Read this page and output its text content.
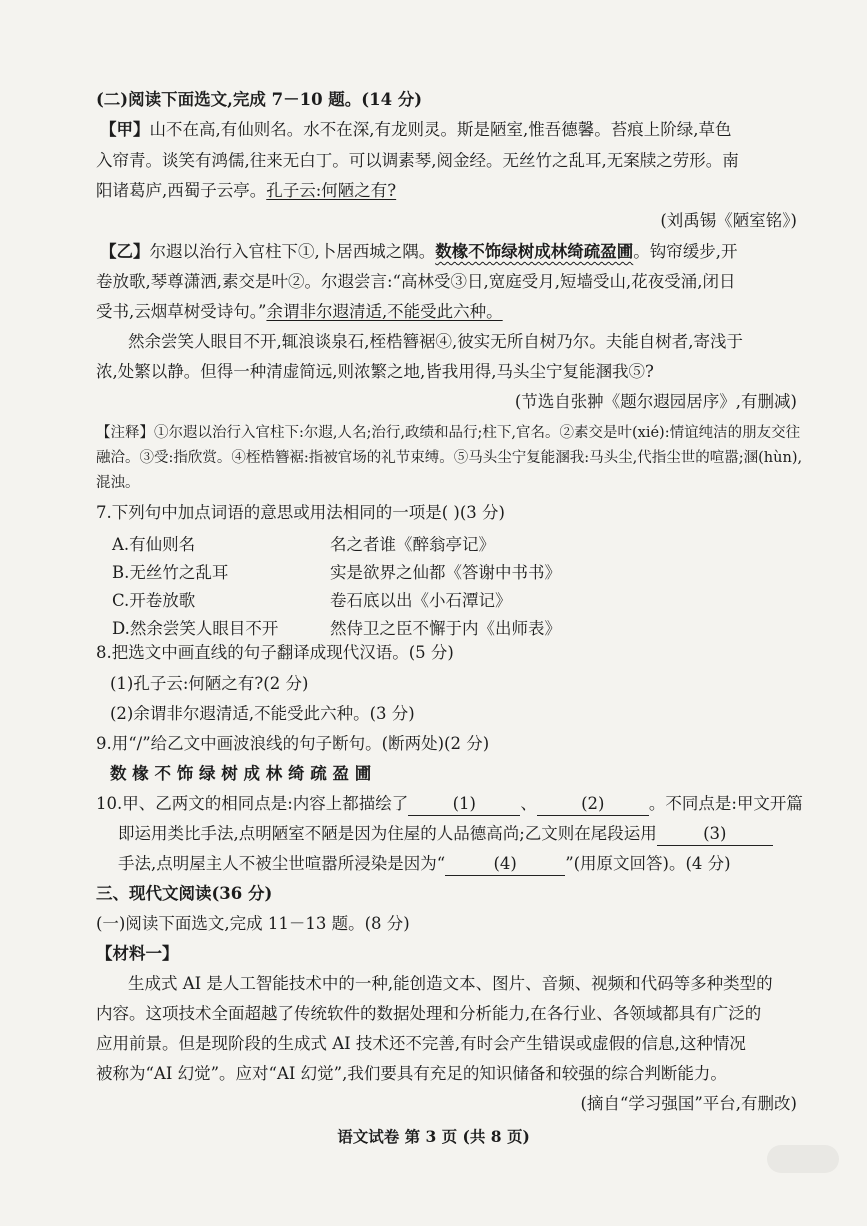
(二)阅读下面选文,完成 7－10 题。(14 分)
【甲】山不在高,有仙则名。水不在深,有龙则灵。斯是陋室,惟吾德馨。苔痕上阶绿,草色
入帘青。谈笑有鸿儒,往来无白丁。可以调素琴,阅金经。无丝竹之乱耳,无案牍之劳形。南
阳诸葛庐,西蜀子云亭。孔子云:何陋之有?
(刘禹锡《陋室铭》)
【乙】尔遐以治行入官柱下①,卜居西城之隅。数椽不饰绿树成林绮疏盈圃。钩帘缓步,开
卷放歌,琴尊潇洒,素交是叶②。尔遐尝言:“高林受③日,宽庭受月,短墙受山,花夜受涌,闭日
受书,云烟草树受诗句。”余谓非尔遐清适,不能受此六种。
然余尝笑人眼目不开,辄浪谈泉石,桎梏簪裾④,彼实无所自树乃尔。夫能自树者,寄浅于
浓,处繁以静。但得一种清虚简远,则浓繁之地,皆我用得,马头尘宁复能溷我⑤?
(节选自张翀《题尔遐园居序》,有删减)
【注释】①尔遐以治行入官柱下:尔遐,人名;治行,政绩和品行;柱下,官名。②素交是叶(xié):情谊纯洁的朋友交往
融洽。③受:指欣赏。④桎梏簪裾:指被官场的礼节束缚。⑤马头尘宁复能溷我:马头尘,代指尘世的喧嚣;溷(hùn),
混浊。
7.下列句中加点词语的意思或用法相同的一项是( )(3 分)
A.有仙则名	名之者谁《醉翁亭记》
B.无丝竹之乱耳	实是欲界之仙都《答谢中书书》
C.开卷放歌	卷石底以出《小石潭记》
D.然余尝笑人眼目不开	然侍卫之臣不懈于内《出师表》
8.把选文中画直线的句子翻译成现代汉语。(5 分)
(1)孔子云:何陋之有?(2 分)
(2)余谓非尔遐清适,不能受此六种。(3 分)
9.用“/”给乙文中画波浪线的句子断句。(断两处)(2 分)
数 椽 不 饰 绿 树 成 林 绮 疏 盈 圃
10.甲、乙两文的相同点是:内容上都描绘了	(1)	、	(2)	。不同点是:甲文开篇
即运用类比手法,点明陋室不陋是因为住屋的人品德高尚;乙文则在尾段运用	(3)
手法,点明屋主人不被尘世喧嚣所浸染是因为“	(4)	”(用原文回答)。(4 分)
三、现代文阅读(36 分)
(一)阅读下面选文,完成 11－13 题。(8 分)
【材料一】
生成式 AI 是人工智能技术中的一种,能创造文本、图片、音频、视频和代码等多种类型的
内容。这项技术全面超越了传统软件的数据处理和分析能力,在各行业、各领域都具有广泛的
应用前景。但是现阶段的生成式 AI 技术还不完善,有时会产生错误或虚假的信息,这种情况
被称为“AI 幻觉”。应对“AI 幻觉”,我们要具有充足的知识储备和较强的综合判断能力。
(摘自“学习强国”平台,有删改)
语文试卷 第 3 页 (共 8 页)
